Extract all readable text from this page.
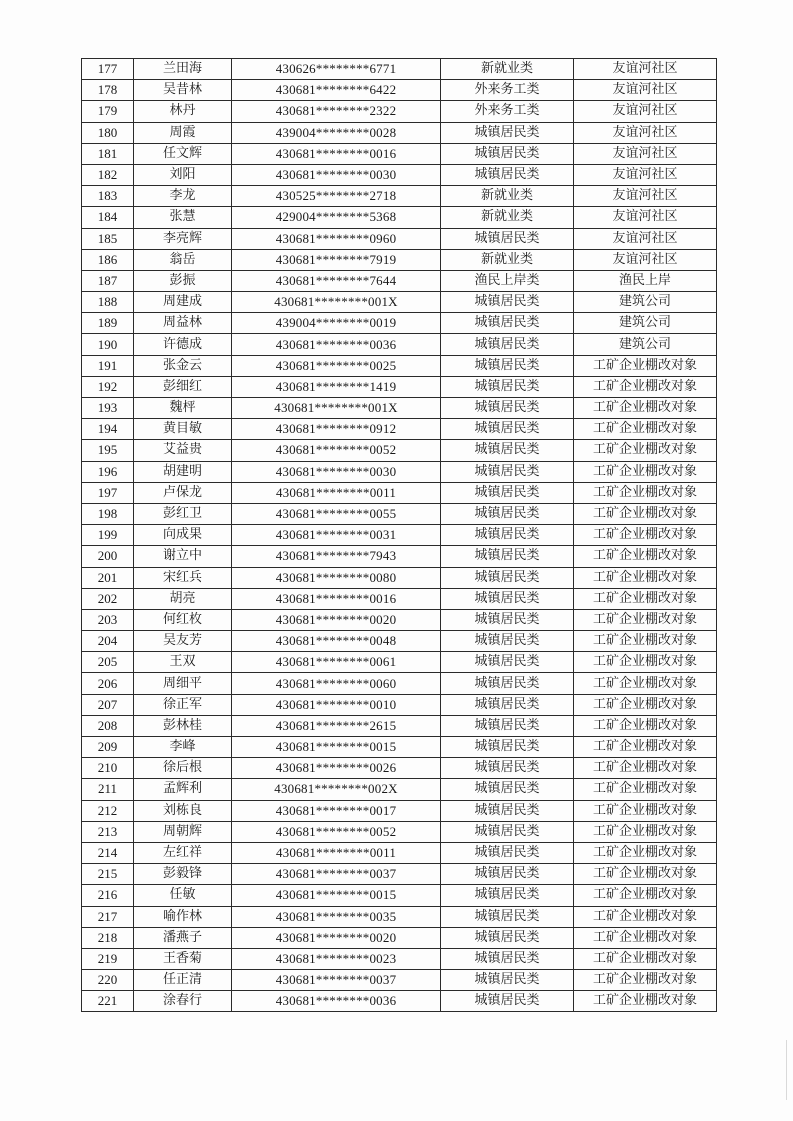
177	兰田海	430626********6771	新就业类	友谊河社区
178	吴昔林	430681********6422	外来务工类	友谊河社区
179	林丹	430681********2322	外来务工类	友谊河社区
180	周霞	439004********0028	城镇居民类	友谊河社区
181	任文辉	430681********0016	城镇居民类	友谊河社区
182	刘阳	430681********0030	城镇居民类	友谊河社区
183	李龙	430525********2718	新就业类	友谊河社区
184	张慧	429004********5368	新就业类	友谊河社区
185	李亮辉	430681********0960	城镇居民类	友谊河社区
186	翁岳	430681********7919	新就业类	友谊河社区
187	彭振	430681********7644	渔民上岸类	渔民上岸
188	周建成	430681********001X	城镇居民类	建筑公司
189	周益林	439004********0019	城镇居民类	建筑公司
190	许德成	430681********0036	城镇居民类	建筑公司
191	张金云	430681********0025	城镇居民类	工矿企业棚改对象
192	彭细红	430681********1419	城镇居民类	工矿企业棚改对象
193	魏枰	430681********001X	城镇居民类	工矿企业棚改对象
194	黄目敏	430681********0912	城镇居民类	工矿企业棚改对象
195	艾益贵	430681********0052	城镇居民类	工矿企业棚改对象
196	胡建明	430681********0030	城镇居民类	工矿企业棚改对象
197	卢保龙	430681********0011	城镇居民类	工矿企业棚改对象
198	彭红卫	430681********0055	城镇居民类	工矿企业棚改对象
199	向成果	430681********0031	城镇居民类	工矿企业棚改对象
200	谢立中	430681********7943	城镇居民类	工矿企业棚改对象
201	宋红兵	430681********0080	城镇居民类	工矿企业棚改对象
202	胡亮	430681********0016	城镇居民类	工矿企业棚改对象
203	何红枚	430681********0020	城镇居民类	工矿企业棚改对象
204	吴友芳	430681********0048	城镇居民类	工矿企业棚改对象
205	王双	430681********0061	城镇居民类	工矿企业棚改对象
206	周细平	430681********0060	城镇居民类	工矿企业棚改对象
207	徐正军	430681********0010	城镇居民类	工矿企业棚改对象
208	彭林桂	430681********2615	城镇居民类	工矿企业棚改对象
209	李峰	430681********0015	城镇居民类	工矿企业棚改对象
210	徐后根	430681********0026	城镇居民类	工矿企业棚改对象
211	孟辉利	430681********002X	城镇居民类	工矿企业棚改对象
212	刘栋良	430681********0017	城镇居民类	工矿企业棚改对象
213	周朝辉	430681********0052	城镇居民类	工矿企业棚改对象
214	左红祥	430681********0011	城镇居民类	工矿企业棚改对象
215	彭毅锋	430681********0037	城镇居民类	工矿企业棚改对象
216	任敏	430681********0015	城镇居民类	工矿企业棚改对象
217	喻作林	430681********0035	城镇居民类	工矿企业棚改对象
218	潘燕子	430681********0020	城镇居民类	工矿企业棚改对象
219	王香菊	430681********0023	城镇居民类	工矿企业棚改对象
220	任正清	430681********0037	城镇居民类	工矿企业棚改对象
221	涂春行	430681********0036	城镇居民类	工矿企业棚改对象
